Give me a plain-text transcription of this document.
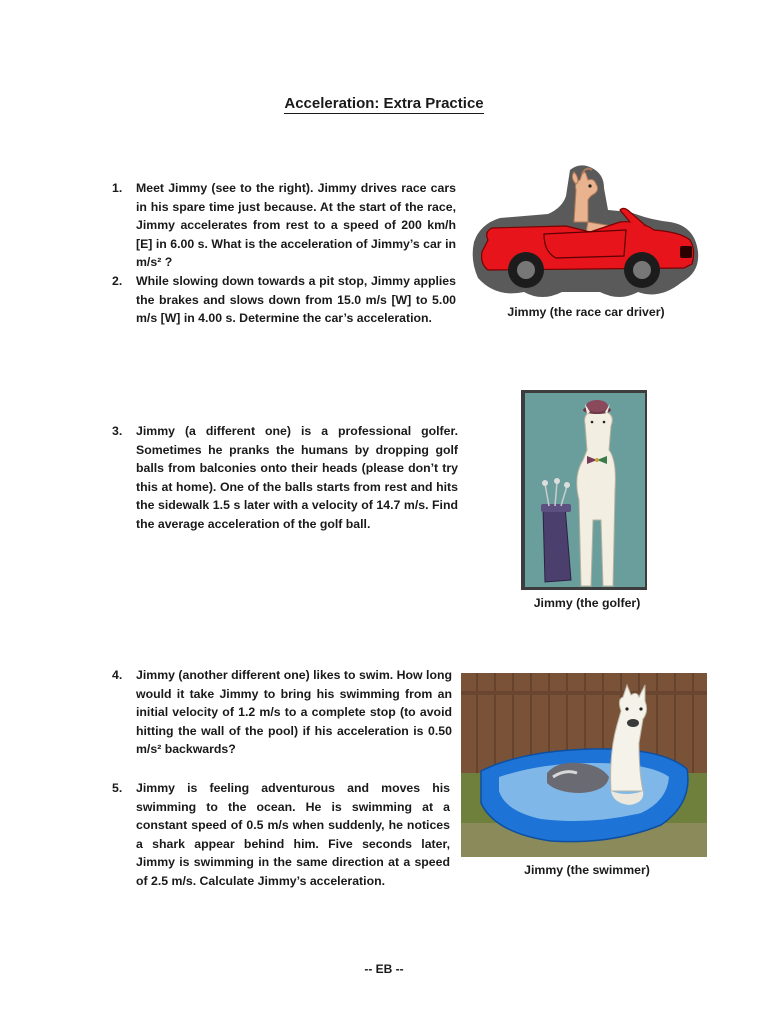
Acceleration: Extra Practice
1. Meet Jimmy (see to the right). Jimmy drives race cars in his spare time just because. At the start of the race, Jimmy accelerates from rest to a speed of 200 km/h [E] in 6.00 s. What is the acceleration of Jimmy’s car in m/s² ?
2. While slowing down towards a pit stop, Jimmy applies the brakes and slows down from 15.0 m/s [W] to 5.00 m/s [W] in 4.00 s. Determine the car’s acceleration.
3. Jimmy (a different one) is a professional golfer. Sometimes he pranks the humans by dropping golf balls from balconies onto their heads (please don’t try this at home). One of the balls starts from rest and hits the sidewalk 1.5 s later with a velocity of 14.7 m/s. Find the average acceleration of the golf ball.
4. Jimmy (another different one) likes to swim. How long would it take Jimmy to bring his swimming from an initial velocity of 1.2 m/s to a complete stop (to avoid hitting the wall of the pool) if his acceleration is 0.50 m/s² backwards?
5. Jimmy is feeling adventurous and moves his swimming to the ocean. He is swimming at a constant speed of 0.5 m/s when suddenly, he notices a shark appear behind him. Five seconds later, Jimmy is swimming in the same direction at a speed of 2.5 m/s. Calculate Jimmy’s acceleration.
Jimmy (the race car driver)
Jimmy (the golfer)
Jimmy (the swimmer)
-- EB --
